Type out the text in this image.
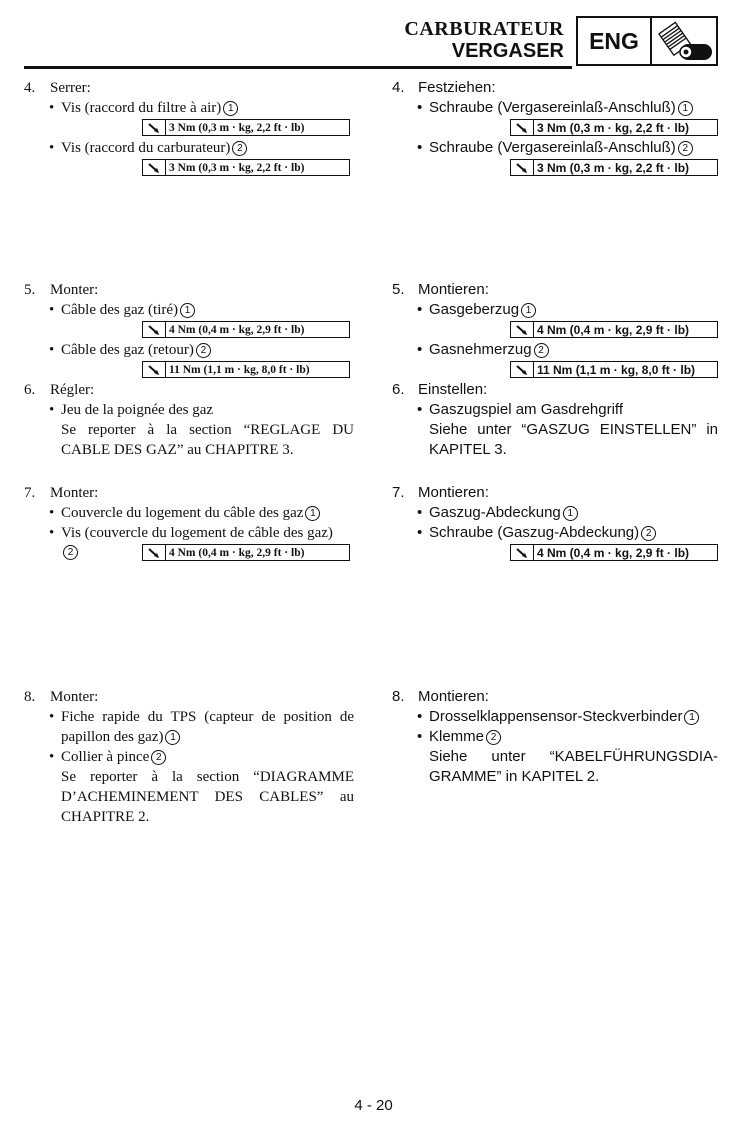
CARBURATEUR
VERGASER	ENG
4. Serrer:
• Vis (raccord du filtre à air) 1
3 Nm (0,3 m · kg, 2,2 ft · lb)
• Vis (raccord du carburateur) 2
3 Nm (0,3 m · kg, 2,2 ft · lb)
5. Monter:
• Câble des gaz (tiré) 1
4 Nm (0,4 m · kg, 2,9 ft · lb)
• Câble des gaz (retour) 2
11 Nm (1,1 m · kg, 8,0 ft · lb)
6. Régler:
• Jeu de la poignée des gaz
Se reporter à la section “REGLAGE DU
CABLE DES GAZ” au CHAPITRE 3.
7. Monter:
• Couvercle du logement du câble des gaz 1
• Vis (couvercle du logement de câble des gaz)
2	4 Nm (0,4 m · kg, 2,9 ft · lb)
8. Monter:
• Fiche rapide du TPS (capteur de position de
papillon des gaz) 1
• Collier à pince 2
Se reporter à la section “DIAGRAMME
D’ACHEMINEMENT DES CABLES” au
CHAPITRE 2.
4. Festziehen:
• Schraube (Vergasereinlaß-Anschluß) 1
3 Nm (0,3 m · kg, 2,2 ft · lb)
• Schraube (Vergasereinlaß-Anschluß) 2
3 Nm (0,3 m · kg, 2,2 ft · lb)
5. Montieren:
• Gasgeberzug 1
4 Nm (0,4 m · kg, 2,9 ft · lb)
• Gasnehmerzug 2
11 Nm (1,1 m · kg, 8,0 ft · lb)
6. Einstellen:
• Gaszugspiel am Gasdrehgriff
Siehe unter “GASZUG EINSTELLEN” in
KAPITEL 3.
7. Montieren:
• Gaszug-Abdeckung 1
• Schraube (Gaszug-Abdeckung) 2
4 Nm (0,4 m · kg, 2,9 ft · lb)
8. Montieren:
• Drosselklappensensor-Steckverbinder 1
• Klemme 2
Siehe unter “KABELFÜHRUNGSDIA-
GRAMME” in KAPITEL 2.
4 - 20
